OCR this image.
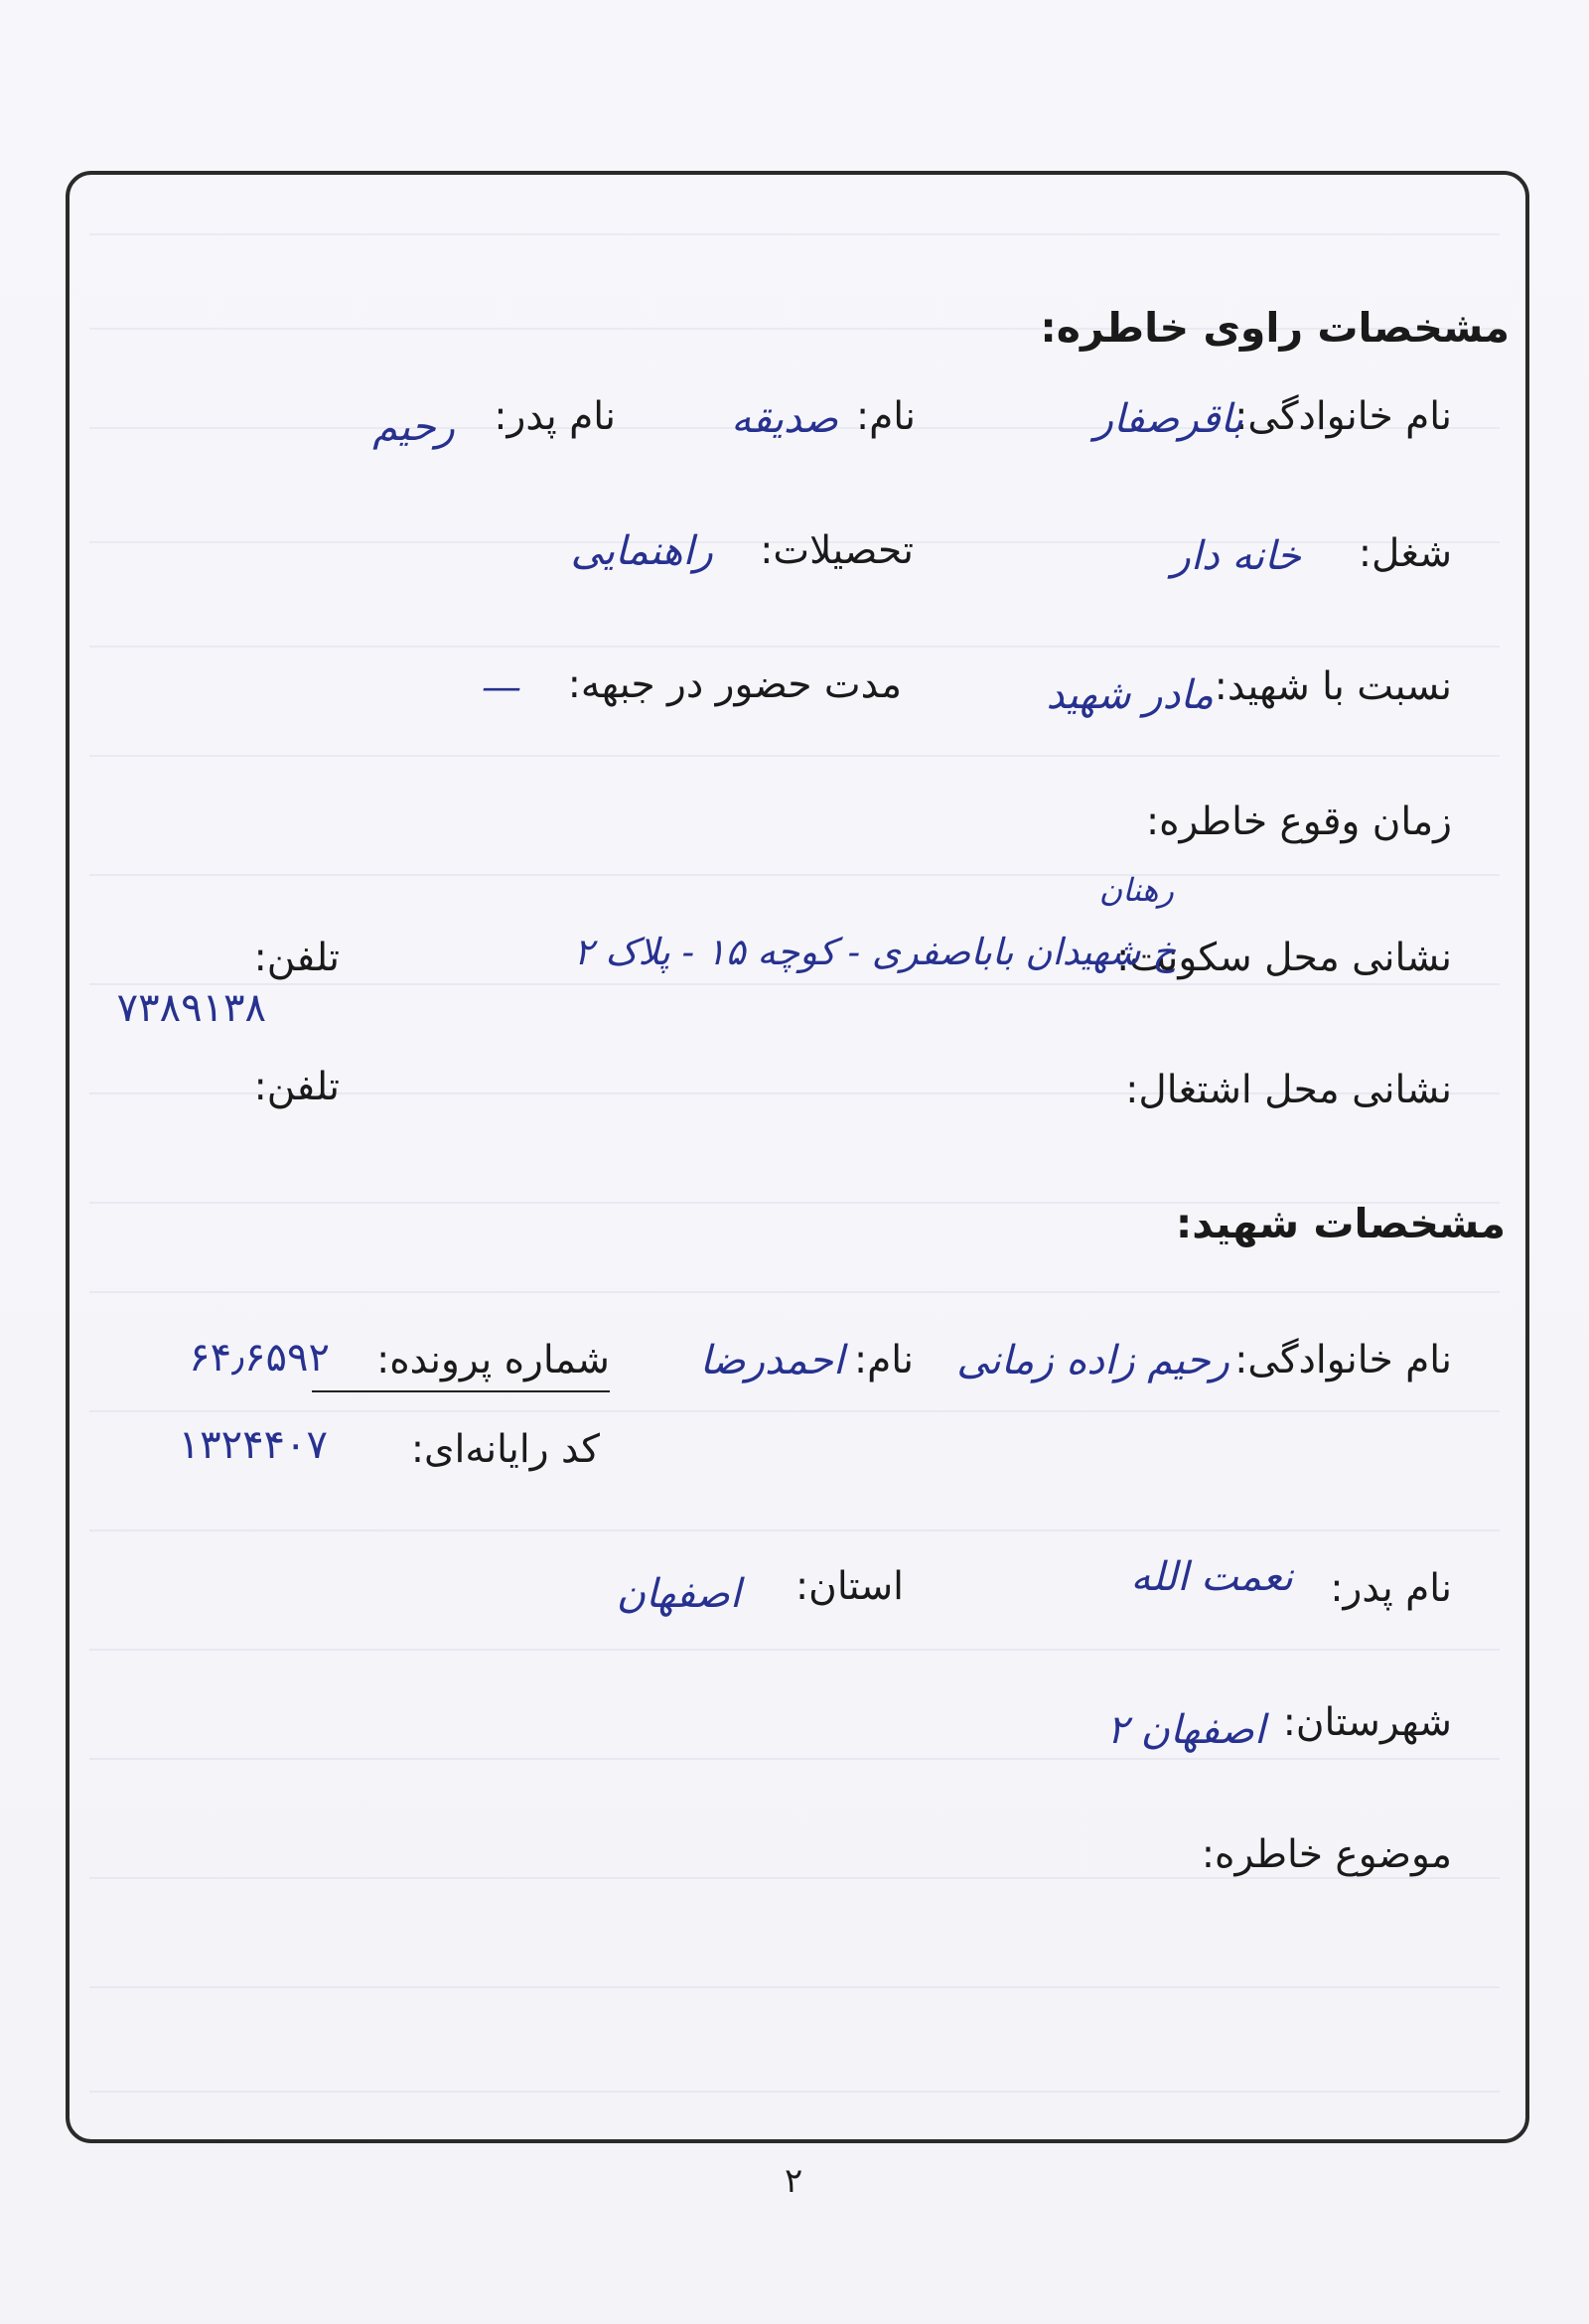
مشخصات راوی خاطره:
نام خانوادگی:
باقرصفار
نام:
صدیقه
نام پدر:
رحیم
شغل:
خانه دار
تحصیلات:
راهنمایی
نسبت با شهید:
مادر شهید
مدت حضور در جبهه:
—
زمان وقوع خاطره:
نشانی محل سکونت:
رهنان
خ شهیدان باباصفری - کوچه ۱۵ - پلاک ۲
تلفن:
۷۳۸۹۱۳۸
نشانی محل اشتغال:
تلفن:
مشخصات شهید:
نام خانوادگی:
رحیم زاده زمانی
نام:
احمدرضا
شماره پرونده:
۶۴٫۶۵۹۲
کد رایانه‌ای:
۱۳۲۴۴۰۷
نام پدر:
نعمت الله
استان:
اصفهان
شهرستان:
اصفهان ۲
موضوع خاطره:
۲
